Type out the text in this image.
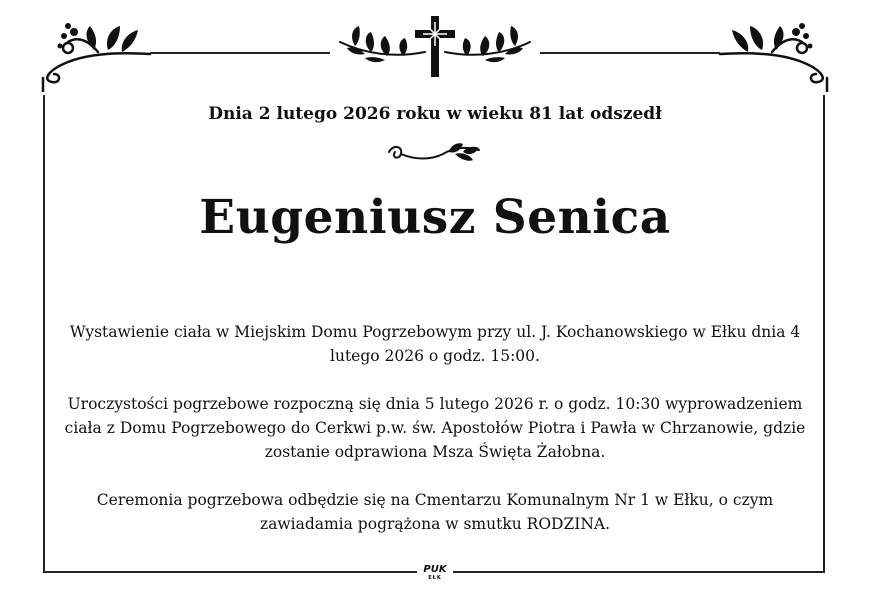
Dnia 2 lutego 2026 roku w wieku 81 lat odszedł
Eugeniusz Senica
Wystawienie ciała w Miejskim Domu Pogrzebowym przy ul. J. Kochanowskiego w Ełku dnia 4 lutego 2026 o godz. 15:00.
Uroczystości pogrzebowe rozpoczną się dnia 5 lutego 2026 r. o godz. 10:30 wyprowadzeniem ciała z Domu Pogrzebowego do Cerkwi p.w. św. Apostołów Piotra i Pawła w Chrzanowie, gdzie zostanie odprawiona Msza Święta Żałobna.
Ceremonia pogrzebowa odbędzie się na Cmentarzu Komunalnym Nr 1 w Ełku, o czym zawiadamia pogrążona w smutku RODZINA.
PUK
EŁK
